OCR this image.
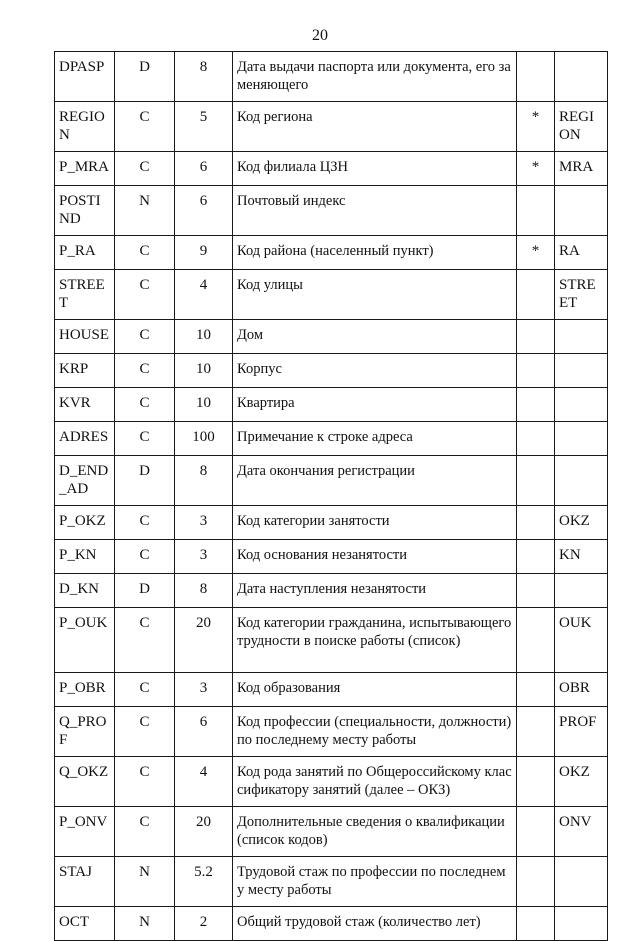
20
DPASP	D	8	Дата выдачи паспорта или документа, его заменяющего		
REGION	C	5	Код региона	*	REGION
P_MRA	C	6	Код филиала ЦЗН	*	MRA
POSTIND	N	6	Почтовый индекс		
P_RA	C	9	Код района (населенный пункт)	*	RA
STREET	C	4	Код улицы		STREET
HOUSE	C	10	Дом		
KRP	C	10	Корпус		
KVR	C	10	Квартира		
ADRES	C	100	Примечание к строке адреса		
D_END_AD	D	8	Дата окончания регистрации		
P_OKZ	C	3	Код категории занятости		OKZ
P_KN	C	3	Код основания незанятости		KN
D_KN	D	8	Дата наступления незанятости		
P_OUK	C	20	Код категории гражданина, испытывающего трудности в поиске работы (список)		OUK
P_OBR	C	3	Код образования		OBR
Q_PROF	C	6	Код профессии (специальности, должности) по последнему месту работы		PROF
Q_OKZ	C	4	Код рода занятий по Общероссийскому классификатору занятий (далее – ОКЗ)		OKZ
P_ONV	C	20	Дополнительные сведения о квалификации (список кодов)		ONV
STAJ	N	5.2	Трудовой стаж по профессии по последнему месту работы		
OCT	N	2	Общий трудовой стаж (количество лет)		
